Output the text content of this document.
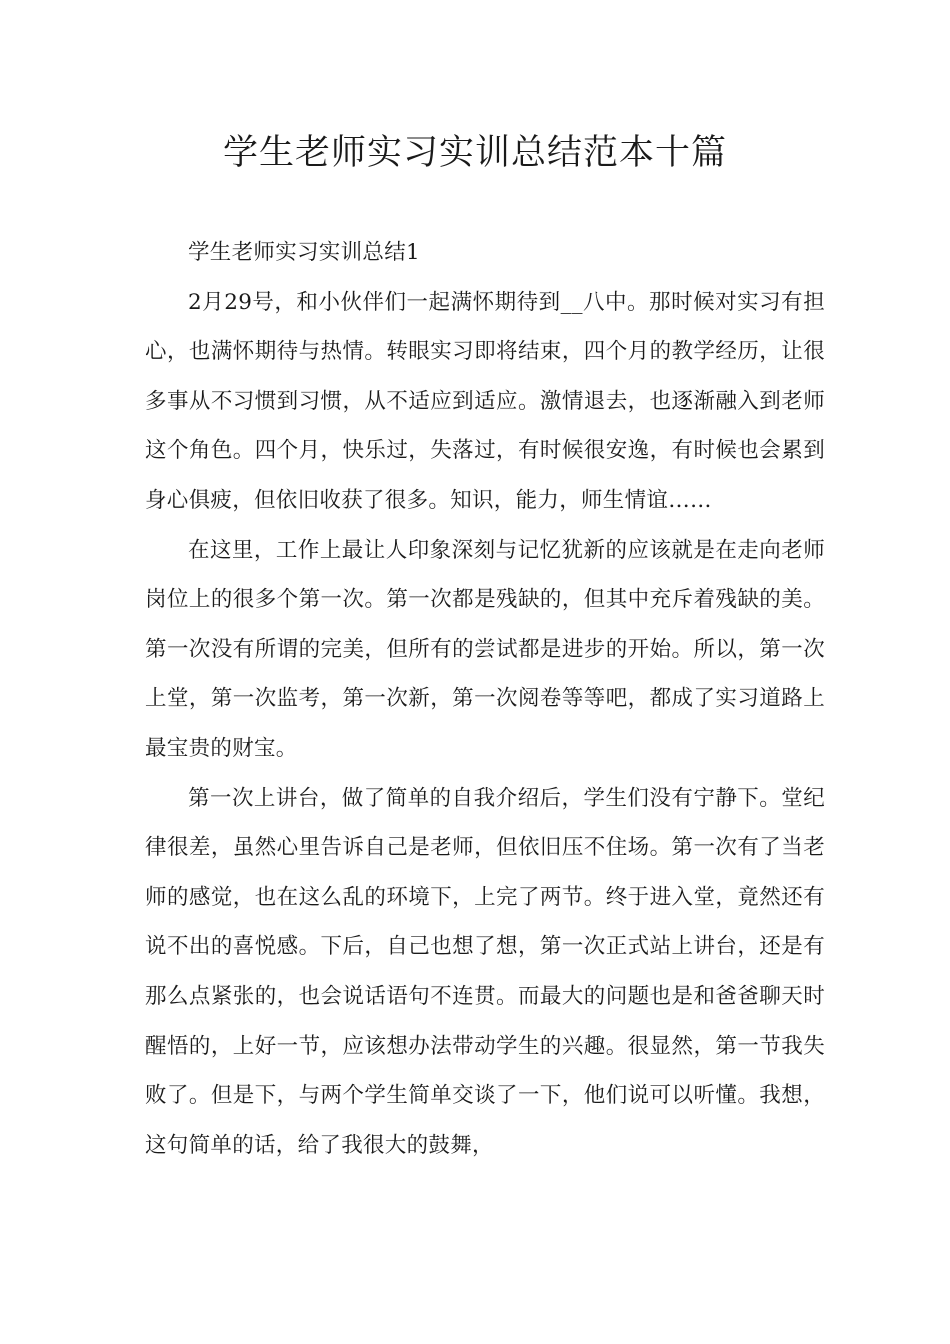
学生老师实习实训总结范本十篇

学生老师实习实训总结1

2月29号，和小伙伴们一起满怀期待到__八中。那时候对实习有担心，也满怀期待与热情。转眼实习即将结束，四个月的教学经历，让很多事从不习惯到习惯，从不适应到适应。激情退去，也逐渐融入到老师这个角色。四个月，快乐过，失落过，有时候很安逸，有时候也会累到身心俱疲，但依旧收获了很多。知识，能力，师生情谊……

在这里，工作上最让人印象深刻与记忆犹新的应该就是在走向老师岗位上的很多个第一次。第一次都是残缺的，但其中充斥着残缺的美。第一次没有所谓的完美，但所有的尝试都是进步的开始。所以，第一次上堂，第一次监考，第一次新，第一次阅卷等等吧，都成了实习道路上最宝贵的财宝。

第一次上讲台，做了简单的自我介绍后，学生们没有宁静下。堂纪律很差，虽然心里告诉自己是老师，但依旧压不住场。第一次有了当老师的感觉，也在这么乱的环境下，上完了两节。终于进入堂，竟然还有说不出的喜悦感。下后，自己也想了想，第一次正式站上讲台，还是有那么点紧张的，也会说话语句不连贯。而最大的问题也是和爸爸聊天时醒悟的，上好一节，应该想办法带动学生的兴趣。很显然，第一节我失败了。但是下，与两个学生简单交谈了一下，他们说可以听懂。我想，这句简单的话，给了我很大的鼓舞，
